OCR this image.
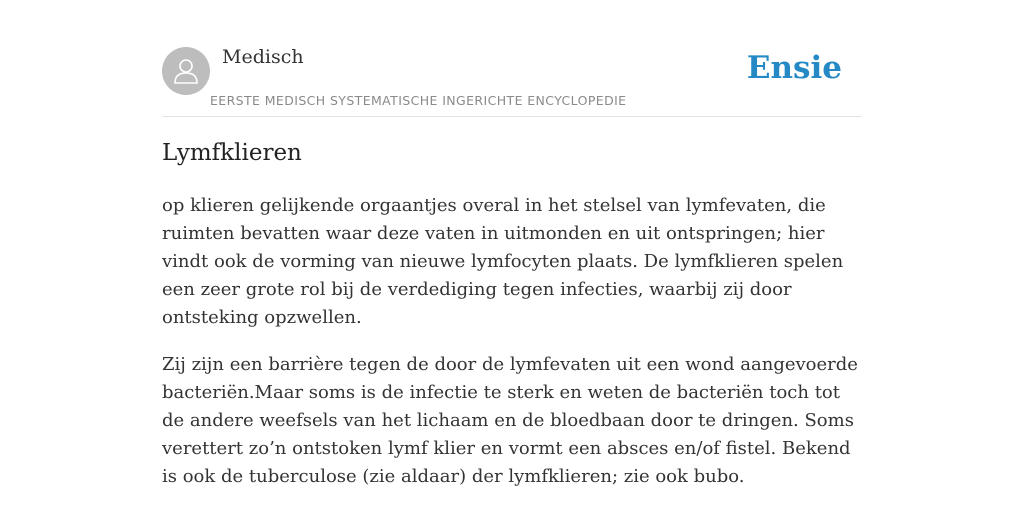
Medisch
EERSTE MEDISCH SYSTEMATISCHE INGERICHTE ENCYCLOPEDIE
Ensie
Lymfklieren

op klieren gelijkende orgaantjes overal in het stelsel van lymfevaten, die ruimten bevatten waar deze vaten in uitmonden en uit ontspringen; hier vindt ook de vorming van nieuwe lymfocyten plaats. De lymfklieren spelen een zeer grote rol bij de verdediging tegen infecties, waarbij zij door ontsteking opzwellen.

Zij zijn een barrière tegen de door de lymfevaten uit een wond aangevoerde bacteriën.Maar soms is de infectie te sterk en weten de bacteriën toch tot de andere weefsels van het lichaam en de bloedbaan door te dringen. Soms verettert zo’n ontstoken lymf klier en vormt een absces en/of fistel. Bekend is ook de tuberculose (zie aldaar) der lymfklieren; zie ook bubo.
